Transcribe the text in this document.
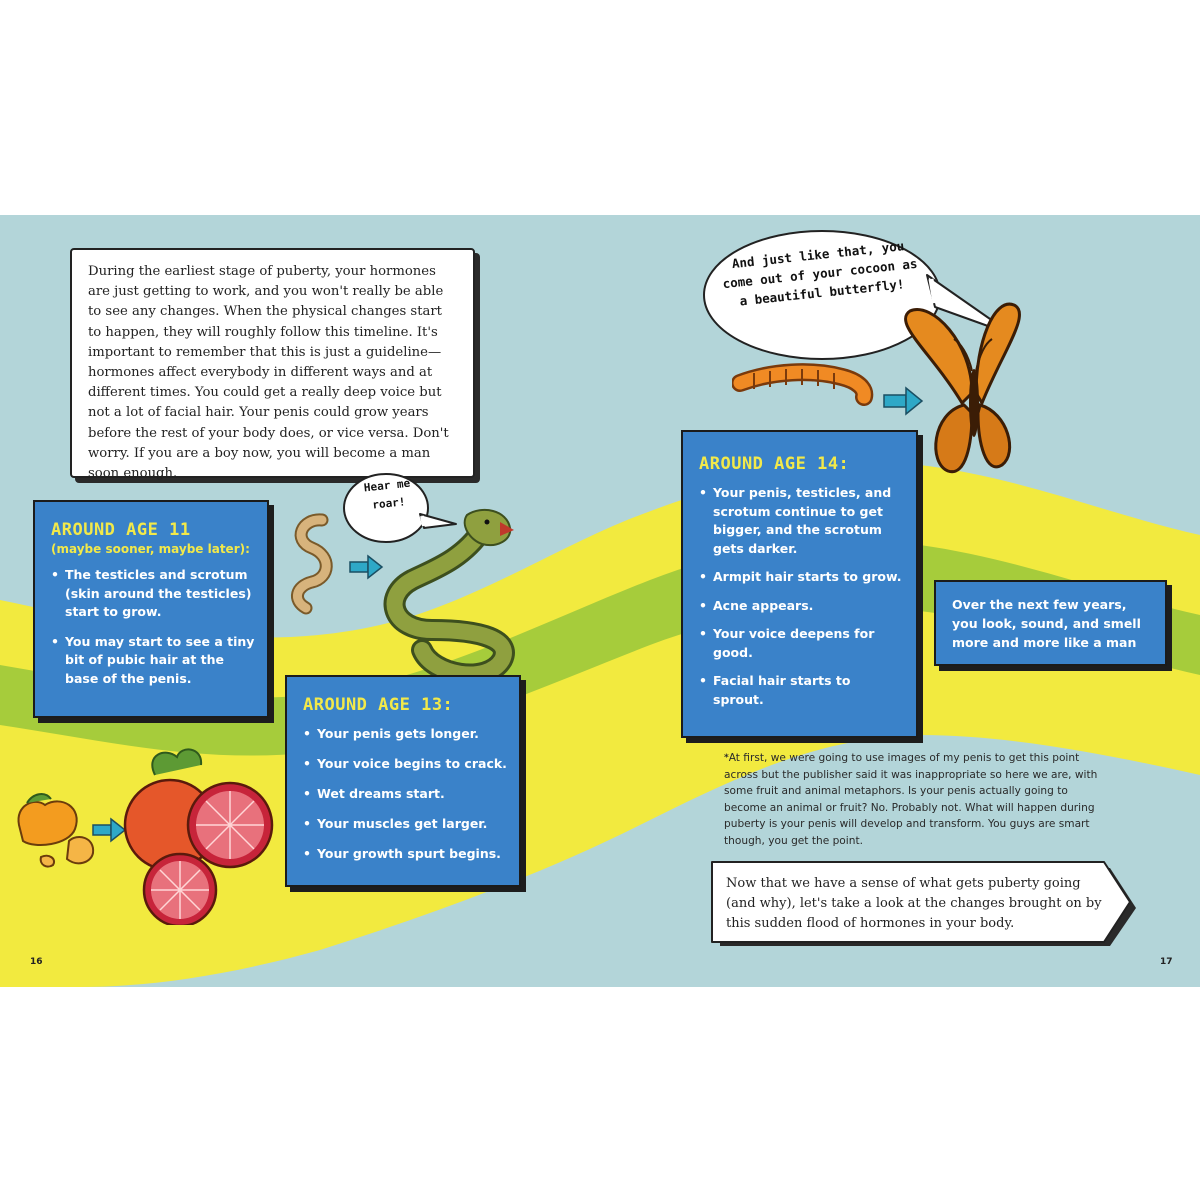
During the earliest stage of puberty, your hormones are just getting to work, and you won't really be able to see any changes. When the physical changes start to happen, they will roughly follow this timeline. It's important to remember that this is just a guideline—hormones affect everybody in different ways and at different times. You could get a really deep voice but not a lot of facial hair. Your penis could grow years before the rest of your body does, or vice versa. Don't worry. If you are a boy now, you will become a man soon enough.
Hear me roar!
AROUND AGE 11
(maybe sooner, maybe later):
• The testicles and scrotum (skin around the testicles) start to grow.
• You may start to see a tiny bit of pubic hair at the base of the penis.
AROUND AGE 13:
• Your penis gets longer.
• Your voice begins to crack.
• Wet dreams start.
• Your muscles get larger.
• Your growth spurt begins.
And just like that, you come out of your cocoon as a beautiful butterfly!
AROUND AGE 14:
• Your penis, testicles, and scrotum continue to get bigger, and the scrotum gets darker.
• Armpit hair starts to grow.
• Acne appears.
• Your voice deepens for good.
• Facial hair starts to sprout.
Over the next few years, you look, sound, and smell more and more like a man
*At first, we were going to use images of my penis to get this point across but the publisher said it was inappropriate so here we are, with some fruit and animal metaphors. Is your penis actually going to become an animal or fruit? No. Probably not. What will happen during puberty is your penis will develop and transform. You guys are smart though, you get the point.
Now that we have a sense of what gets puberty going (and why), let's take a look at the changes brought on by this sudden flood of hormones in your body.
16	17
